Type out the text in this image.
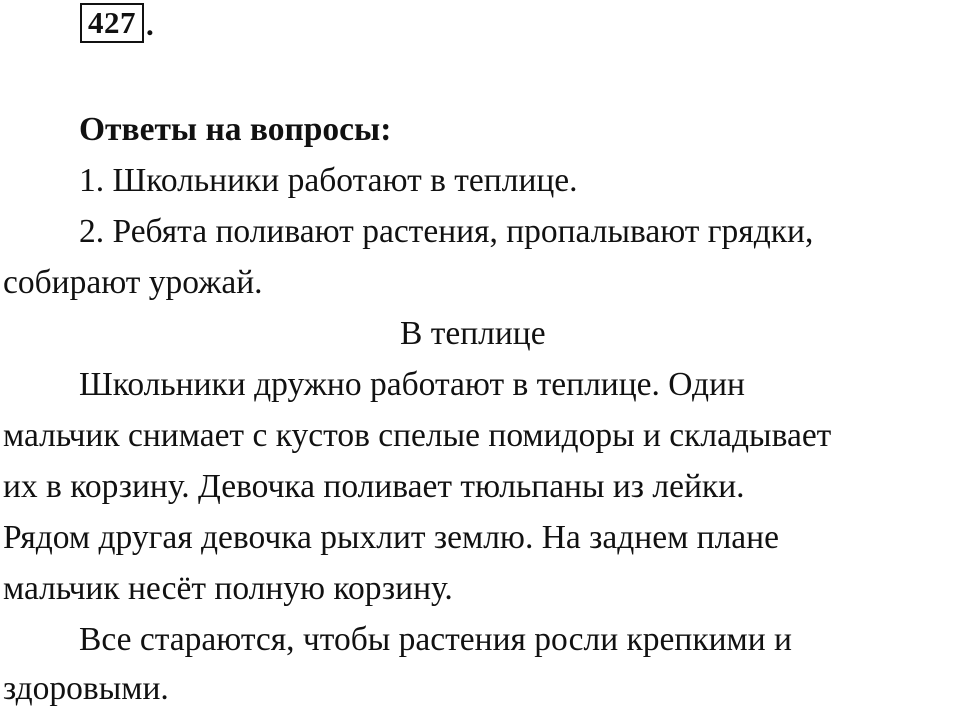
427 .
Ответы на вопросы:
1. Школьники работают в теплице.
2. Ребята поливают растения, пропалывают грядки,
собирают урожай.
В теплице
Школьники дружно работают в теплице. Один
мальчик снимает с кустов спелые помидоры и складывает
их в корзину. Девочка поливает тюльпаны из лейки.
Рядом другая девочка рыхлит землю. На заднем плане
мальчик несёт полную корзину.
Все стараются, чтобы растения росли крепкими и
здоровыми.
